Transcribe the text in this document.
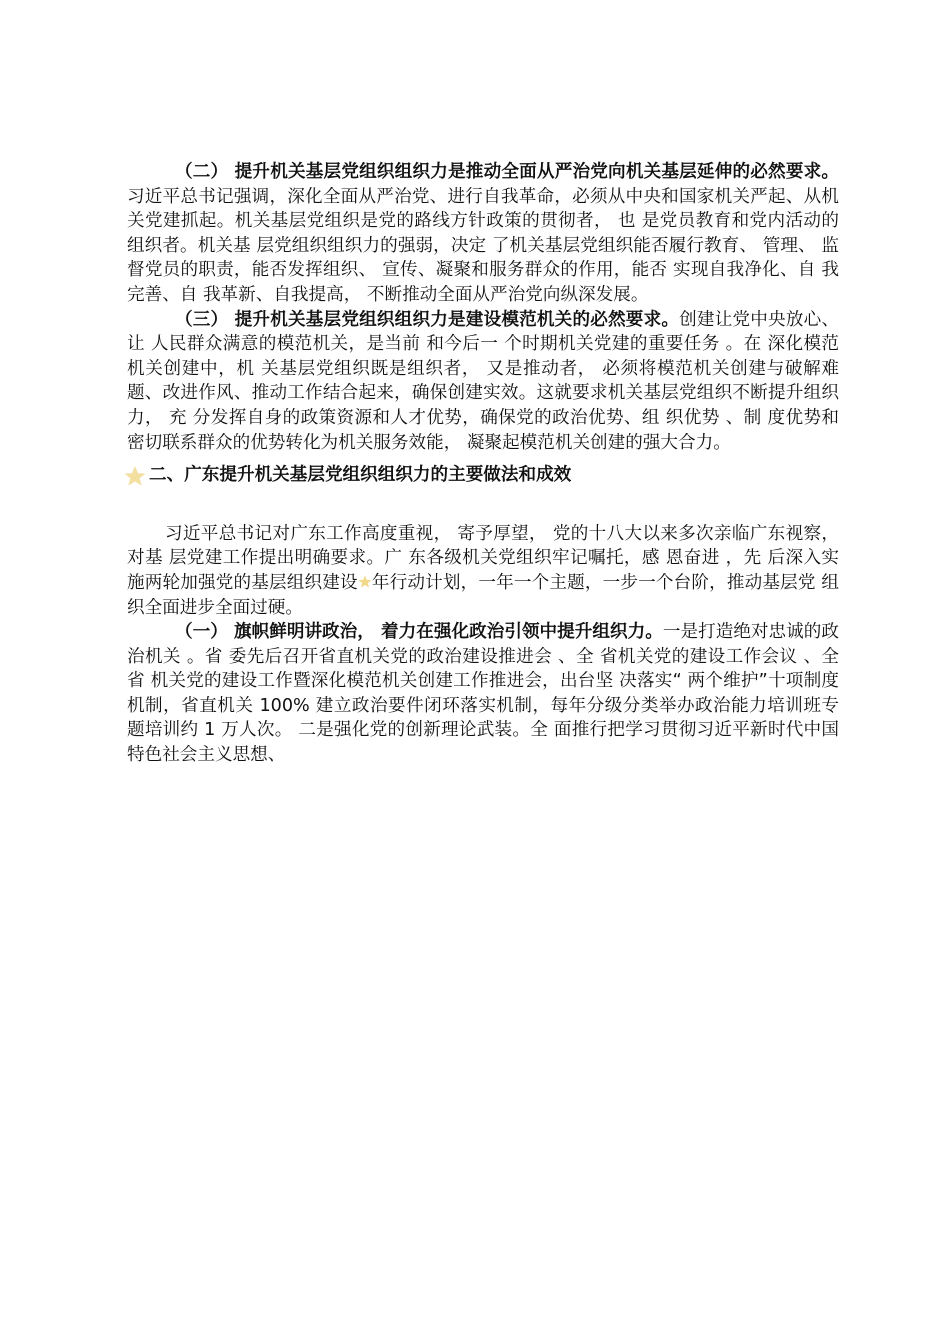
（二） 提升机关基层党组织组织力是推动全面从严治党向机关基层延伸的必然要求。习近平总书记强调，深化全面从严治党、进行自我革命，必须从中央和国家机关严起、从机关党建抓起。机关基层党组织是党的路线方针政策的贯彻者， 也 是党员教育和党内活动的组织者。机关基 层党组织组织力的强弱，决定 了机关基层党组织能否履行教育、 管理、 监督党员的职责，能否发挥组织、 宣传、凝聚和服务群众的作用，能否 实现自我净化、自 我完善、自 我革新、自我提高， 不断推动全面从严治党向纵深发展。

（三） 提升机关基层党组织组织力是建设模范机关的必然要求。创建让党中央放心、让 人民群众满意的模范机关，是当前 和今后一 个时期机关党建的重要任务 。在 深化模范机关创建中，机 关基层党组织既是组织者， 又是推动者， 必须将模范机关创建与破解难题、改进作风、推动工作结合起来，确保创建实效。这就要求机关基层党组织不断提升组织力， 充 分发挥自身的政策资源和人才优势，确保党的政治优势、组 织优势 、制 度优势和密切联系群众的优势转化为机关服务效能， 凝聚起模范机关创建的强大合力。

二、广东提升机关基层党组织组织力的主要做法和成效

习近平总书记对广东工作高度重视， 寄予厚望， 党的十八大以来多次亲临广东视察， 对基 层党建工作提出明确要求。广 东各级机关党组织牢记嘱托，感 恩奋进 ，先 后深入实施两轮加强党的基层组织建设 年行动计划，一年一个主题，一步一个台阶，推动基层党 组织全面进步全面过硬。

（一） 旗帜鲜明讲政治， 着力在强化政治引领中提升组织力。一是打造绝对忠诚的政治机关 。省 委先后召开省直机关党的政治建设推进会 、全 省机关党的建设工作会议 、全省 机关党的建设工作暨深化模范机关创建工作推进会，出台坚 决落实“ 两个维护”十项制度机制，省直机关 100% 建立政治要件闭环落实机制，每年分级分类举办政治能力培训班专题培训约 1 万人次。 二是强化党的创新理论武装。全 面推行把学习贯彻习近平新时代中国特色社会主义思想、
